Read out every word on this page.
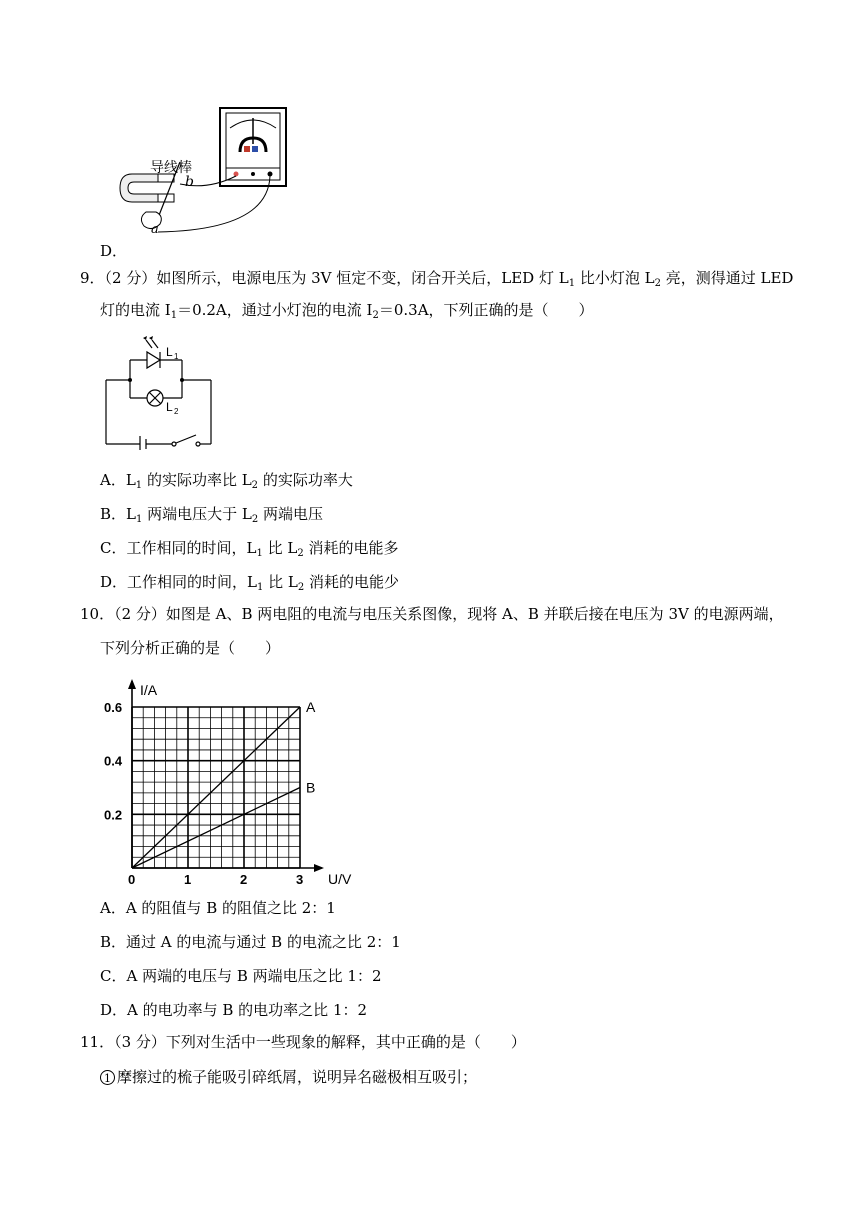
导线棒
b
a
D．
9．（2 分）如图所示，电源电压为 3V 恒定不变，闭合开关后，LED 灯 $L_1$ 比小灯泡 $L_2$ 亮，测得通过 LED
灯的电流 $I_1=0.2A$，通过小灯泡的电流 $I_2=0.3A$，下列正确的是（　　）
L 1
L 2
A．$L_1$ 的实际功率比 $L_2$ 的实际功率大
B．$L_1$ 两端电压大于 $L_2$ 两端电压
C．工作相同的时间，$L_1$ 比 $L_2$ 消耗的电能多
D．工作相同的时间，$L_1$ 比 $L_2$ 消耗的电能少
10．（2 分）如图是 A、B 两电阻的电流与电压关系图像，现将 A、B 并联后接在电压为 3V 的电源两端，
下列分析正确的是（　　）
0	1	2	3
0.2
0.4
0.6
U/V
I/A
A
B
A．A 的阻值与 B 的阻值之比 2：1
B．通过 A 的电流与通过 B 的电流之比 2：1
C．A 两端的电压与 B 两端电压之比 1：2
D．A 的电功率与 B 的电功率之比 1：2
11．（3 分）下列对生活中一些现象的解释，其中正确的是（　　）
1 摩擦过的梳子能吸引碎纸屑，说明异名磁极相互吸引；
